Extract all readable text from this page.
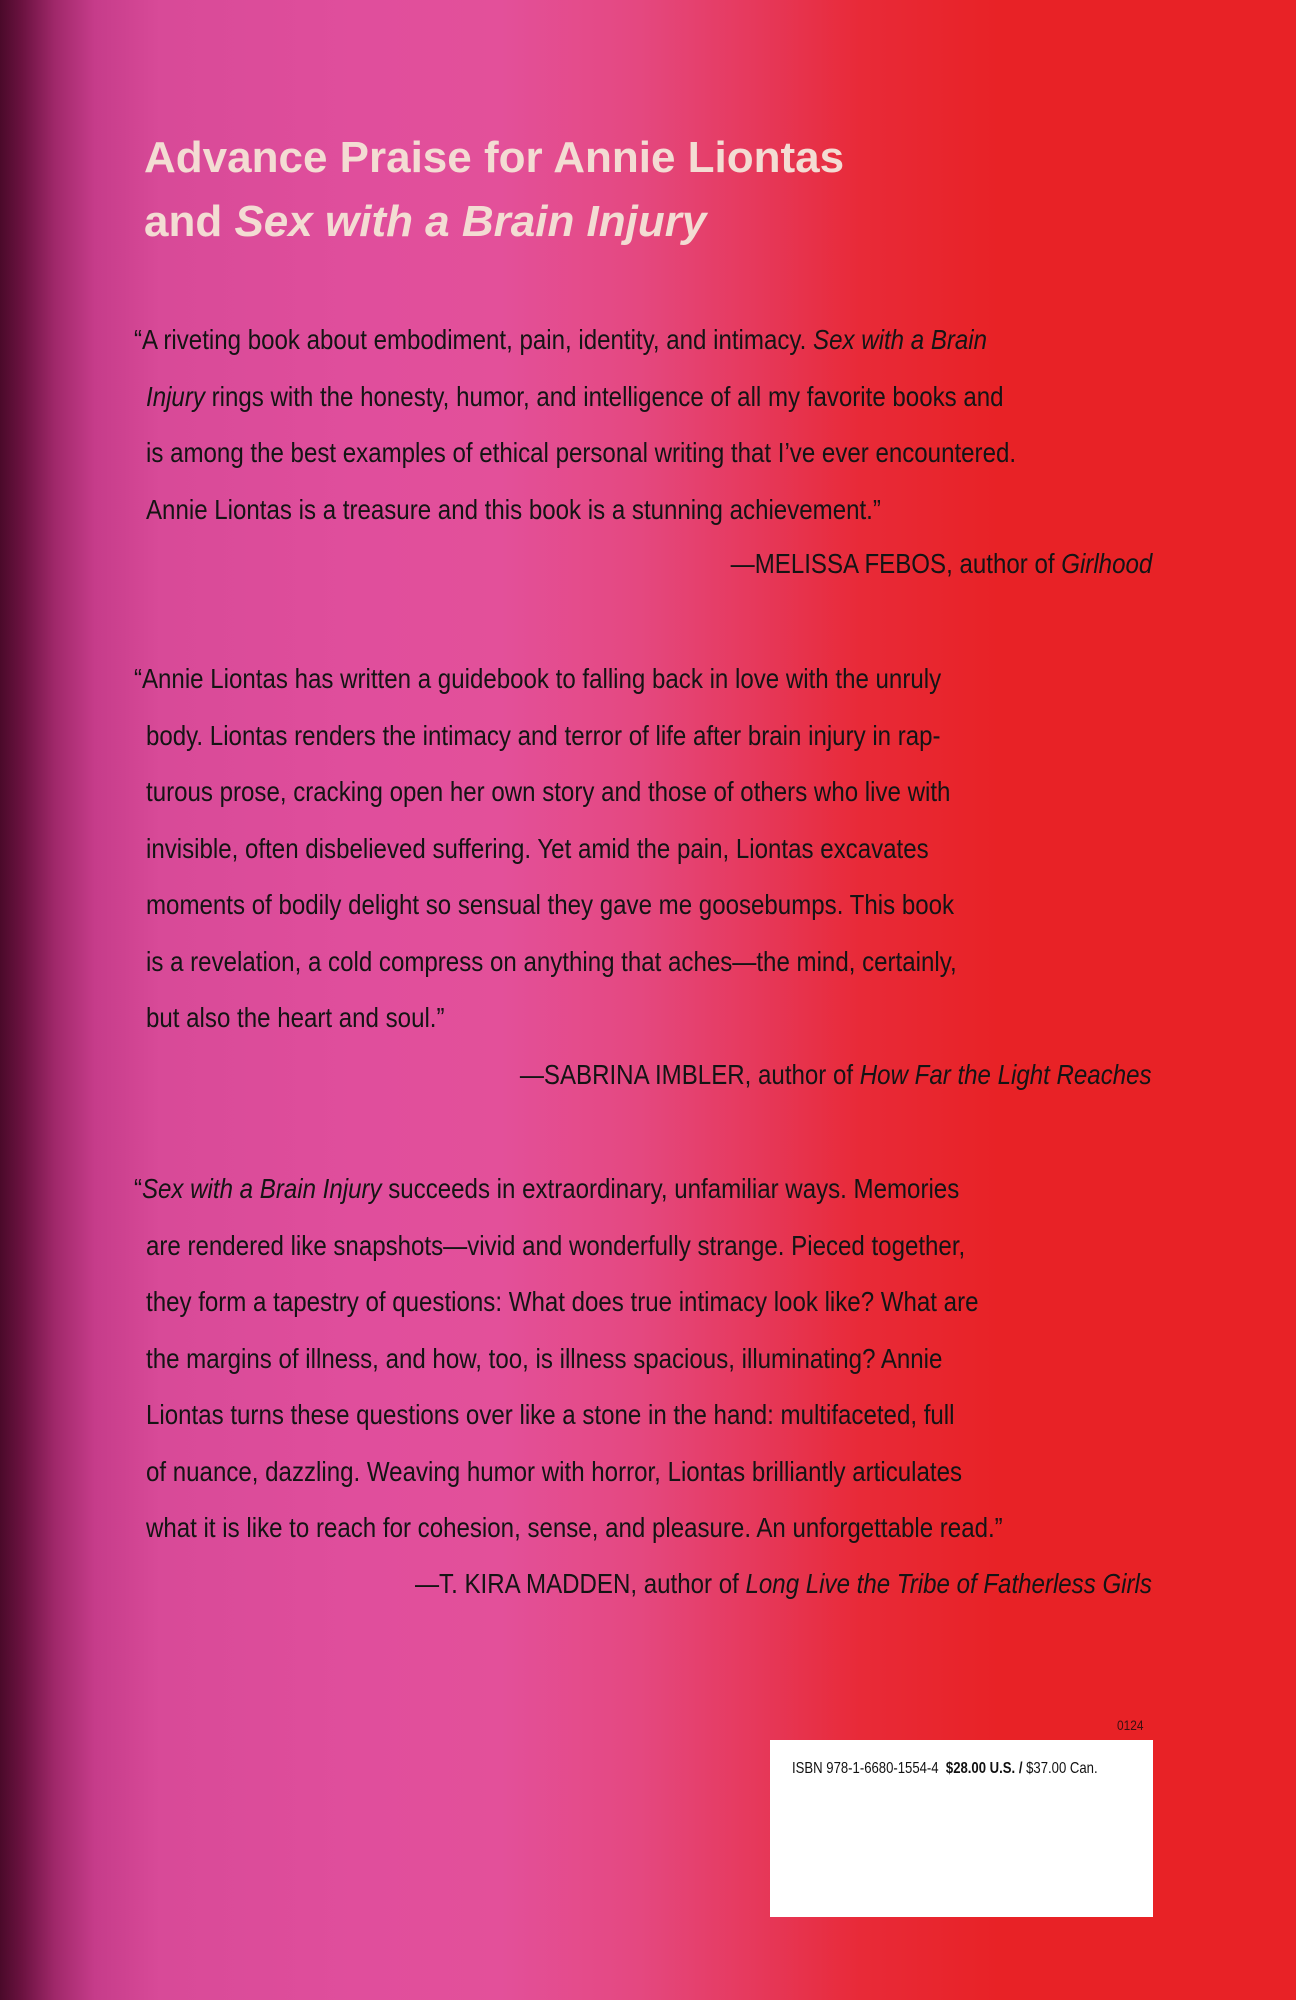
Advance Praise for Annie Liontas
and Sex with a Brain Injury
“A riveting book about embodiment, pain, identity, and intimacy. Sex with a Brain
Injury rings with the honesty, humor, and intelligence of all my favorite books and
is among the best examples of ethical personal writing that I’ve ever encountered.
Annie Liontas is a treasure and this book is a stunning achievement.”
—MELISSA FEBOS, author of Girlhood
“Annie Liontas has written a guidebook to falling back in love with the unruly
body. Liontas renders the intimacy and terror of life after brain injury in rap-
turous prose, cracking open her own story and those of others who live with
invisible, often disbelieved suffering. Yet amid the pain, Liontas excavates
moments of bodily delight so sensual they gave me goosebumps. This book
is a revelation, a cold compress on anything that aches—the mind, certainly,
but also the heart and soul.”
—SABRINA IMBLER, author of How Far the Light Reaches
“Sex with a Brain Injury succeeds in extraordinary, unfamiliar ways. Memories
are rendered like snapshots—vivid and wonderfully strange. Pieced together,
they form a tapestry of questions: What does true intimacy look like? What are
the margins of illness, and how, too, is illness spacious, illuminating? Annie
Liontas turns these questions over like a stone in the hand: multifaceted, full
of nuance, dazzling. Weaving humor with horror, Liontas brilliantly articulates
what it is like to reach for cohesion, sense, and pleasure. An unforgettable read.”
—T. KIRA MADDEN, author of Long Live the Tribe of Fatherless Girls
0124
ISBN 978-1-6680-1554-4 $28.00 U.S. / $37.00 Can.
